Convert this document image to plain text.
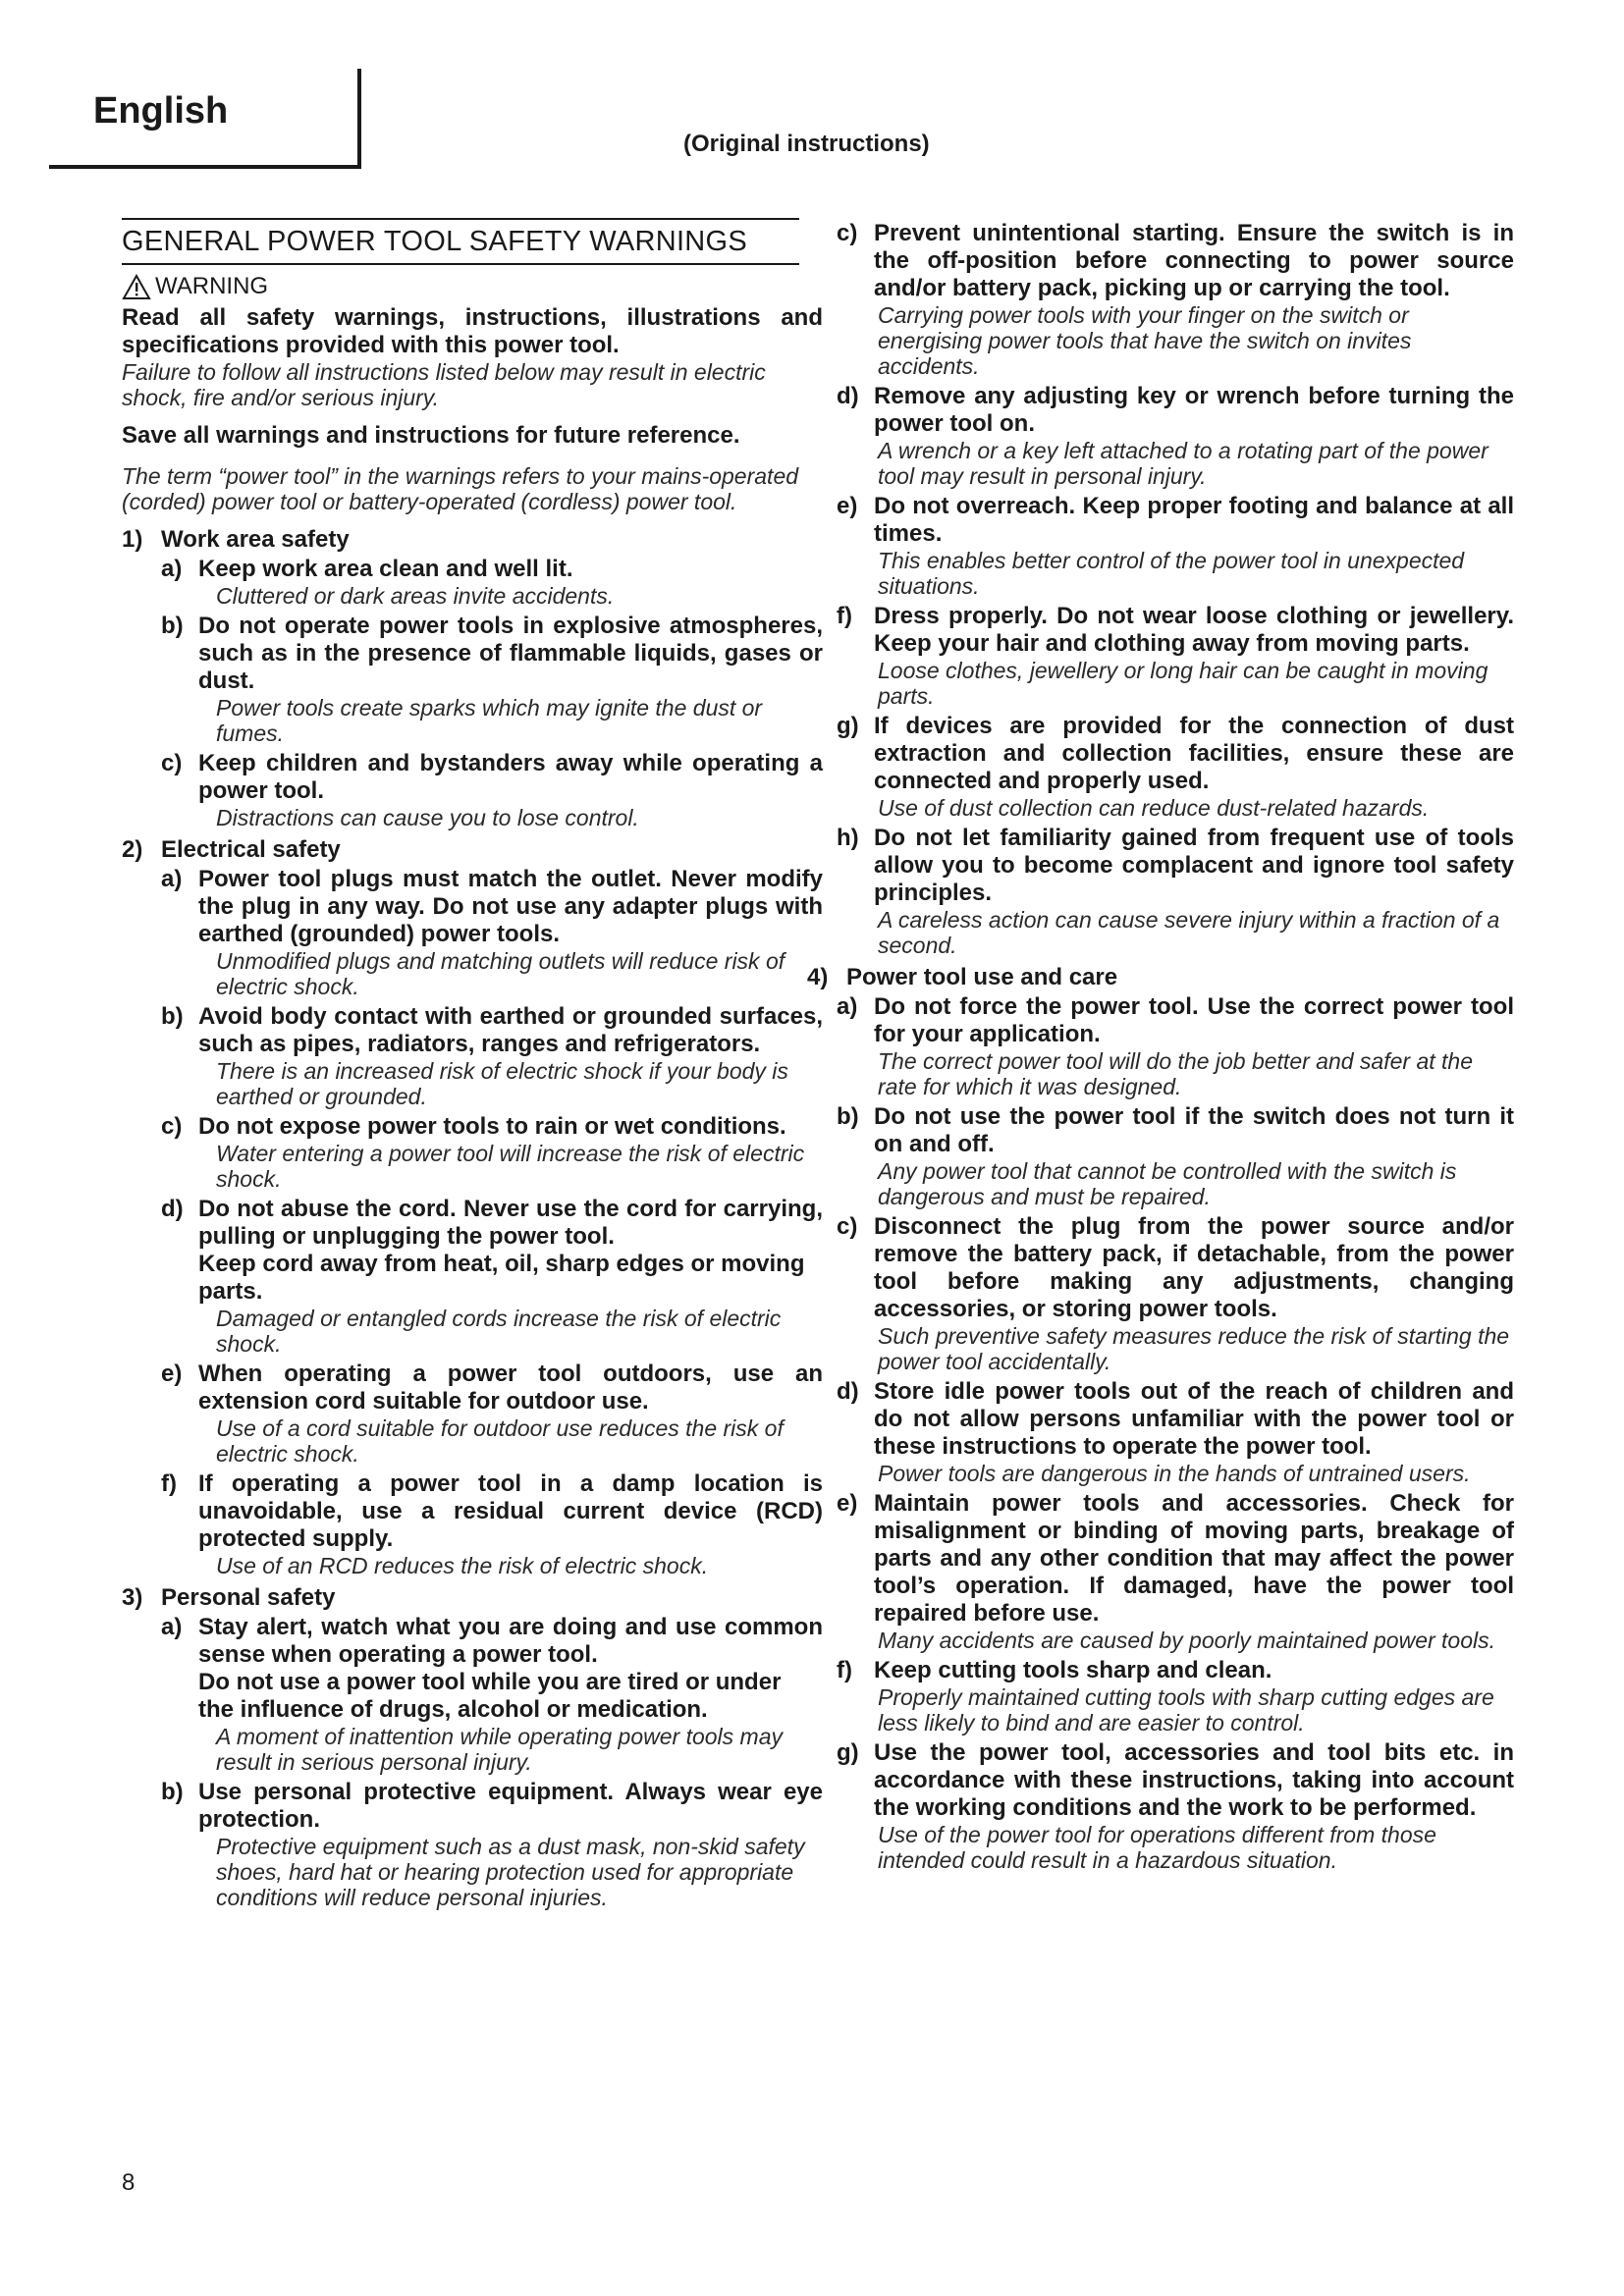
English
(Original instructions)
GENERAL POWER TOOL SAFETY WARNINGS
WARNING
Read all safety warnings, instructions, illustrations and specifications provided with this power tool.
Failure to follow all instructions listed below may result in electric shock, fire and/or serious injury.
Save all warnings and instructions for future reference.
The term “power tool” in the warnings refers to your mains-operated (corded) power tool or battery-operated (cordless) power tool.
1) Work area safety
a) Keep work area clean and well lit.
Cluttered or dark areas invite accidents.
b) Do not operate power tools in explosive atmospheres, such as in the presence of flammable liquids, gases or dust.
Power tools create sparks which may ignite the dust or fumes.
c) Keep children and bystanders away while operating a power tool.
Distractions can cause you to lose control.
2) Electrical safety
a) Power tool plugs must match the outlet. Never modify the plug in any way. Do not use any adapter plugs with earthed (grounded) power tools.
Unmodified plugs and matching outlets will reduce risk of electric shock.
b) Avoid body contact with earthed or grounded surfaces, such as pipes, radiators, ranges and refrigerators.
There is an increased risk of electric shock if your body is earthed or grounded.
c) Do not expose power tools to rain or wet conditions.
Water entering a power tool will increase the risk of electric shock.
d) Do not abuse the cord. Never use the cord for carrying, pulling or unplugging the power tool.
Keep cord away from heat, oil, sharp edges or moving parts.
Damaged or entangled cords increase the risk of electric shock.
e) When operating a power tool outdoors, use an extension cord suitable for outdoor use.
Use of a cord suitable for outdoor use reduces the risk of electric shock.
f) If operating a power tool in a damp location is unavoidable, use a residual current device (RCD) protected supply.
Use of an RCD reduces the risk of electric shock.
3) Personal safety
a) Stay alert, watch what you are doing and use common sense when operating a power tool.
Do not use a power tool while you are tired or under the influence of drugs, alcohol or medication.
A moment of inattention while operating power tools may result in serious personal injury.
b) Use personal protective equipment. Always wear eye protection.
Protective equipment such as a dust mask, non-skid safety shoes, hard hat or hearing protection used for appropriate conditions will reduce personal injuries.
c) Prevent unintentional starting. Ensure the switch is in the off-position before connecting to power source and/or battery pack, picking up or carrying the tool.
Carrying power tools with your finger on the switch or energising power tools that have the switch on invites accidents.
d) Remove any adjusting key or wrench before turning the power tool on.
A wrench or a key left attached to a rotating part of the power tool may result in personal injury.
e) Do not overreach. Keep proper footing and balance at all times.
This enables better control of the power tool in unexpected situations.
f) Dress properly. Do not wear loose clothing or jewellery. Keep your hair and clothing away from moving parts.
Loose clothes, jewellery or long hair can be caught in moving parts.
g) If devices are provided for the connection of dust extraction and collection facilities, ensure these are connected and properly used.
Use of dust collection can reduce dust-related hazards.
h) Do not let familiarity gained from frequent use of tools allow you to become complacent and ignore tool safety principles.
A careless action can cause severe injury within a fraction of a second.
4) Power tool use and care
a) Do not force the power tool. Use the correct power tool for your application.
The correct power tool will do the job better and safer at the rate for which it was designed.
b) Do not use the power tool if the switch does not turn it on and off.
Any power tool that cannot be controlled with the switch is dangerous and must be repaired.
c) Disconnect the plug from the power source and/or remove the battery pack, if detachable, from the power tool before making any adjustments, changing accessories, or storing power tools.
Such preventive safety measures reduce the risk of starting the power tool accidentally.
d) Store idle power tools out of the reach of children and do not allow persons unfamiliar with the power tool or these instructions to operate the power tool.
Power tools are dangerous in the hands of untrained users.
e) Maintain power tools and accessories. Check for misalignment or binding of moving parts, breakage of parts and any other condition that may affect the power tool’s operation. If damaged, have the power tool repaired before use.
Many accidents are caused by poorly maintained power tools.
f) Keep cutting tools sharp and clean.
Properly maintained cutting tools with sharp cutting edges are less likely to bind and are easier to control.
g) Use the power tool, accessories and tool bits etc. in accordance with these instructions, taking into account the working conditions and the work to be performed.
Use of the power tool for operations different from those intended could result in a hazardous situation.
8
